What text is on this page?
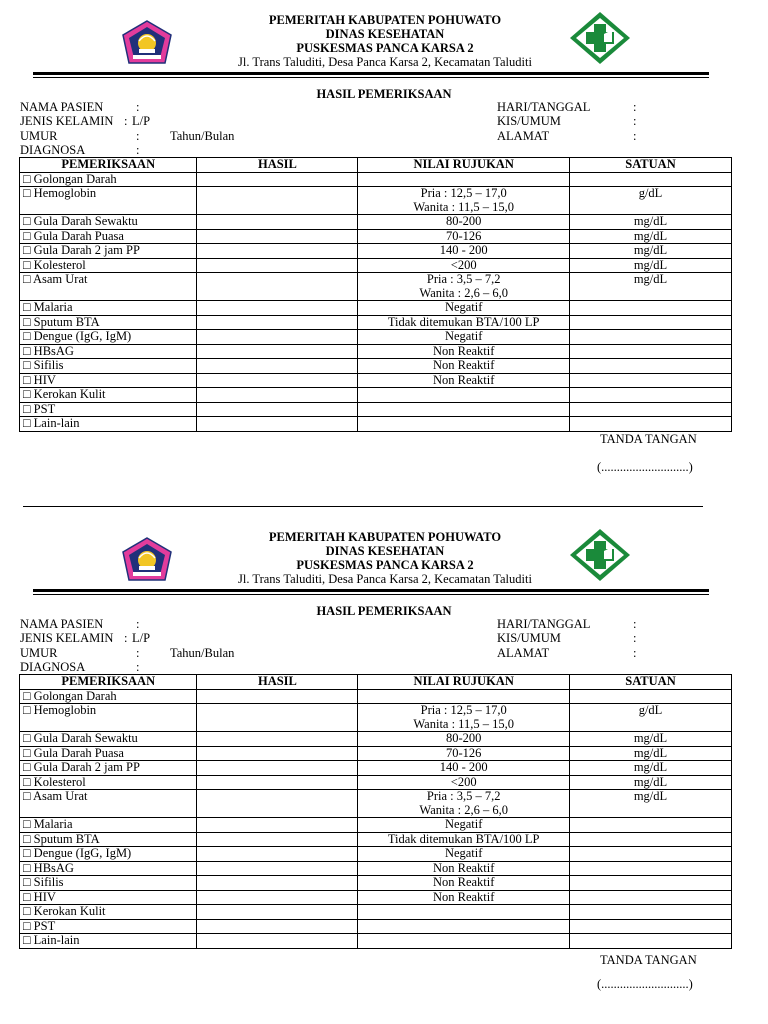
PEMERITAH KABUPATEN POHUWATO
DINAS KESEHATAN
PUSKESMAS PANCA KARSA 2
Jl. Trans Taluditi, Desa Panca Karsa 2, Kecamatan Taluditi
HASIL PEMERIKSAAN
NAMA PASIEN	:
JENIS KELAMIN : L/P
UMUR	: Tahun/Bulan
DIAGNOSA	:
HARI/TANGGAL	:
KIS/UMUM	:
ALAMAT	:
PEMERIKSAAN	HASIL	NILAI RUJUKAN	SATUAN
□ Golongan Darah		

□ Hemoglobin		Pria : 12,5 – 17,0
Wanita : 11,5 – 15,0	g/dL
□ Gula Darah Sewaktu		80-200	mg/dL
□ Gula Darah Puasa		70-126	mg/dL
□ Gula Darah 2 jam PP		140 - 200	mg/dL
□ Kolesterol		<200	mg/dL
□ Asam Urat		Pria : 3,5 – 7,2
Wanita : 2,6 – 6,0	mg/dL
□ Malaria		Negatif	

□ Sputum BTA		Tidak ditemukan BTA/100 LP	

□ Dengue (IgG, IgM)		Negatif	

□ HBsAG		Non Reaktif	

□ Sifilis		Non Reaktif	

□ HIV		Non Reaktif	

□ Kerokan Kulit		

□ PST		

□ Lain-lain		

TANDA TANGAN
(............................)
PEMERITAH KABUPATEN POHUWATO
DINAS KESEHATAN
PUSKESMAS PANCA KARSA 2
Jl. Trans Taluditi, Desa Panca Karsa 2, Kecamatan Taluditi
HASIL PEMERIKSAAN
NAMA PASIEN	:
JENIS KELAMIN : L/P
UMUR	: Tahun/Bulan
DIAGNOSA	:
HARI/TANGGAL	:
KIS/UMUM	:
ALAMAT	:
PEMERIKSAAN	HASIL	NILAI RUJUKAN	SATUAN
□ Golongan Darah		

□ Hemoglobin		Pria : 12,5 – 17,0
Wanita : 11,5 – 15,0	g/dL
□ Gula Darah Sewaktu		80-200	mg/dL
□ Gula Darah Puasa		70-126	mg/dL
□ Gula Darah 2 jam PP		140 - 200	mg/dL
□ Kolesterol		<200	mg/dL
□ Asam Urat		Pria : 3,5 – 7,2
Wanita : 2,6 – 6,0	mg/dL
□ Malaria		Negatif	

□ Sputum BTA		Tidak ditemukan BTA/100 LP	

□ Dengue (IgG, IgM)		Negatif	

□ HBsAG		Non Reaktif	

□ Sifilis		Non Reaktif	

□ HIV		Non Reaktif	

□ Kerokan Kulit		

□ PST		

□ Lain-lain		

TANDA TANGAN
(............................)
